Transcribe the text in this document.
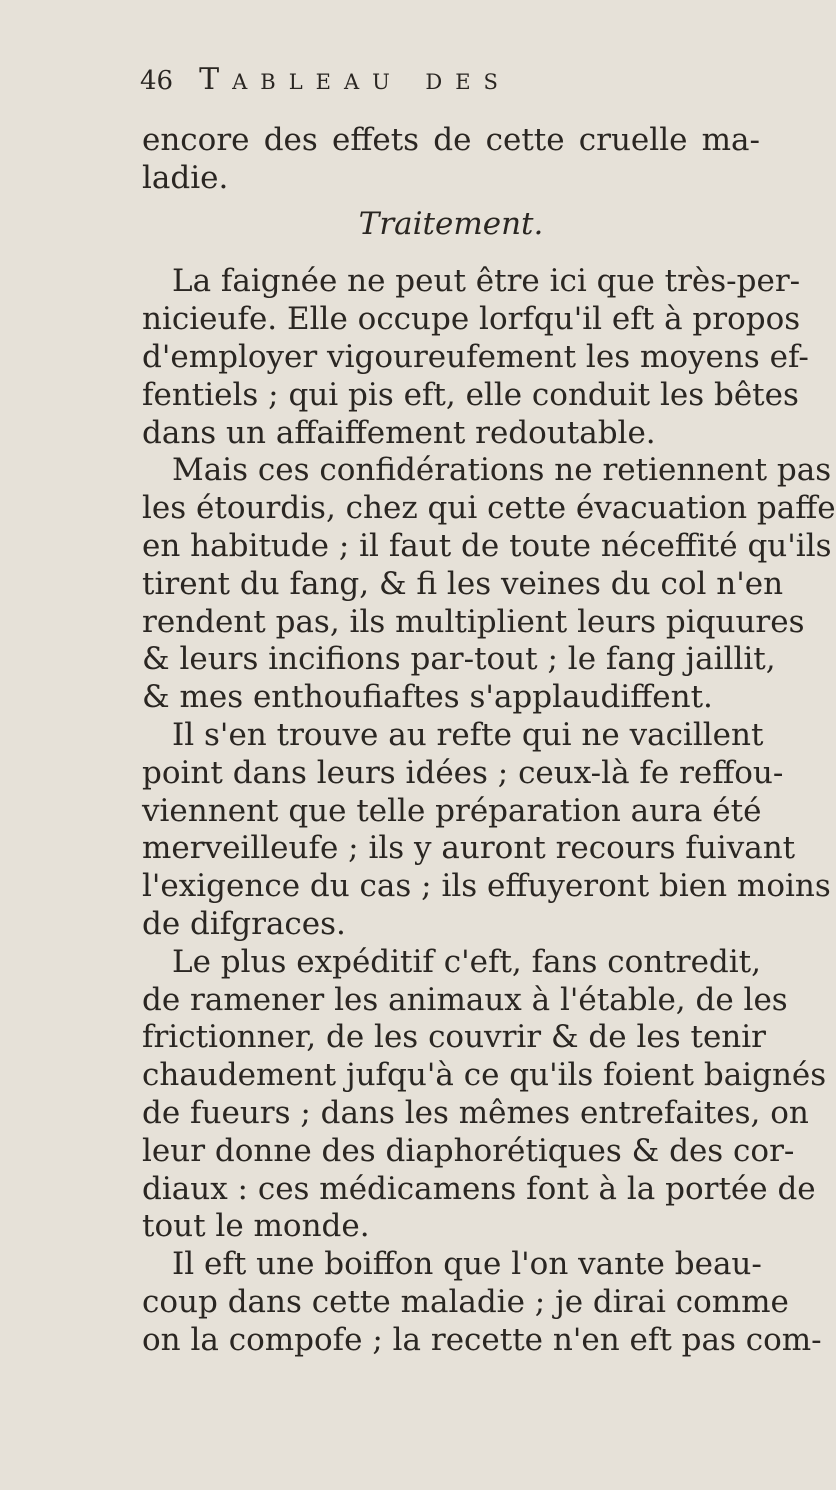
46 Tableau des
encore des effets de cette cruelle ma-
ladie.
Traitement.
La faignée ne peut être ici que très-per-
nicieufe. Elle occupe lorfqu'il eft à propos
d'employer vigoureufement les moyens ef-
fentiels ; qui pis eft, elle conduit les bêtes
dans un affaiffement redoutable.
Mais ces confidérations ne retiennent pas
les étourdis, chez qui cette évacuation paffe
en habitude ; il faut de toute néceffité qu'ils
tirent du fang, & fi les veines du col n'en
rendent pas, ils multiplient leurs piquures
& leurs incifions par-tout ; le fang jaillit,
& mes enthoufiaftes s'applaudiffent.
Il s'en trouve au refte qui ne vacillent
point dans leurs idées ; ceux-là fe reffou-
viennent que telle préparation aura été
merveilleufe ; ils y auront recours fuivant
l'exigence du cas ; ils effuyeront bien moins
de difgraces.
Le plus expéditif c'eft, fans contredit,
de ramener les animaux à l'étable, de les
frictionner, de les couvrir & de les tenir
chaudement jufqu'à ce qu'ils foient baignés
de fueurs ; dans les mêmes entrefaites, on
leur donne des diaphorétiques & des cor-
diaux : ces médicamens font à la portée de
tout le monde.
Il eft une boiffon que l'on vante beau-
coup dans cette maladie ; je dirai comme
on la compofe ; la recette n'en eft pas com-
